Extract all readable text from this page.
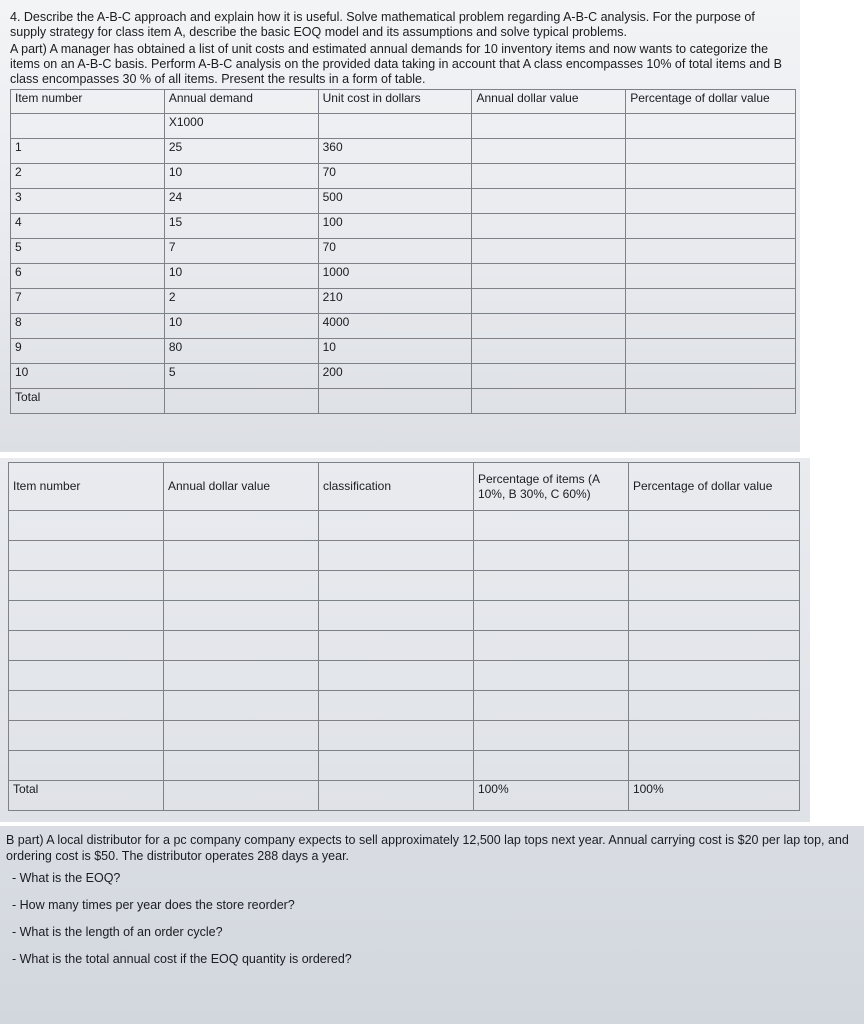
4. Describe the A-B-C approach and explain how it is useful. Solve mathematical problem regarding A-B-C analysis. For the purpose of supply strategy for class item A, describe the basic EOQ model and its assumptions and solve typical problems.

A part) A manager has obtained a list of unit costs and estimated annual demands for 10 inventory items and now wants to categorize the items on an A-B-C basis. Perform A-B-C analysis on the provided data taking in account that A class encompasses 10% of total items and B class encompasses 30 % of all items. Present the results in a form of table.

Item number	Annual demand	Unit cost in dollars	Annual dollar value	Percentage of dollar value
	X1000			
1	25	360		
2	10	70		
3	24	500		
4	15	100		
5	7	70		
6	10	1000		
7	2	210		
8	10	4000		
9	80	10		
10	5	200		
Total				
Item number	Annual dollar value	classification	Percentage of items (A 10%, B 30%, C 60%)	Percentage of dollar value

Total			100%	100%

B part) A local distributor for a pc company company expects to sell approximately 12,500 lap tops next year. Annual carrying cost is $20 per lap top, and ordering cost is $50. The distributor operates 288 days a year.

- What is the EOQ?
- How many times per year does the store reorder?
- What is the length of an order cycle?
- What is the total annual cost if the EOQ quantity is ordered?
